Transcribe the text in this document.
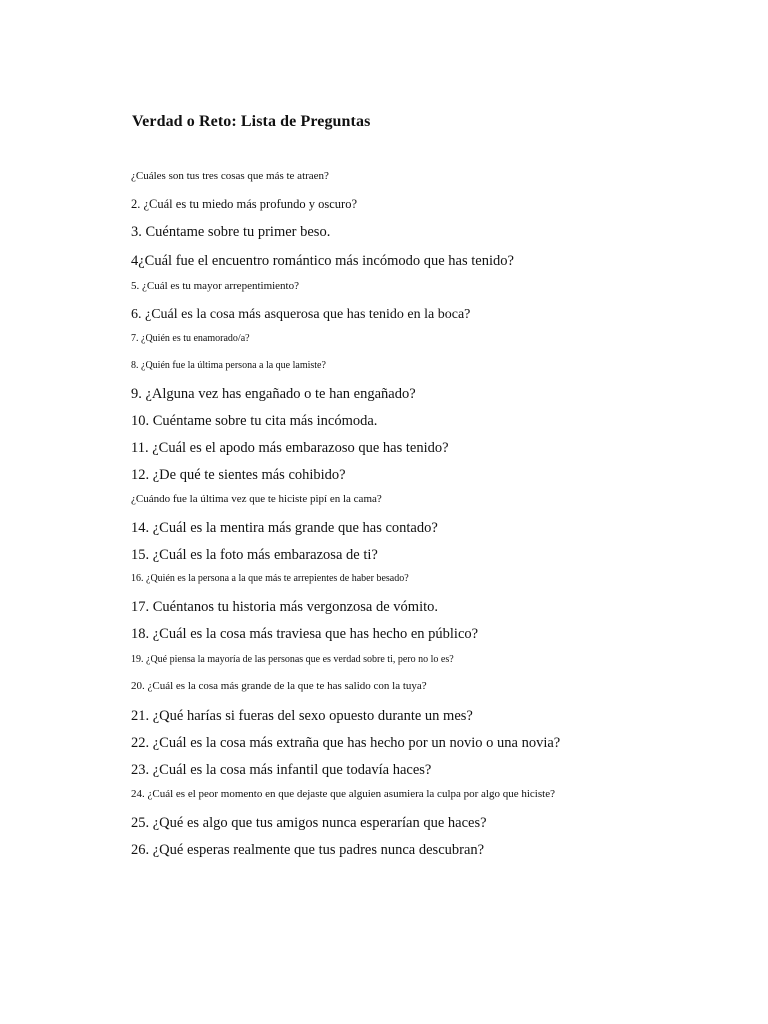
Verdad o Reto: Lista de Preguntas
¿Cuáles son tus tres cosas que más te atraen?
2. ¿Cuál es tu miedo más profundo y oscuro?
3. Cuéntame sobre tu primer beso.
4¿Cuál fue el encuentro romántico más incómodo que has tenido?
5. ¿Cuál es tu mayor arrepentimiento?
6. ¿Cuál es la cosa más asquerosa que has tenido en la boca?
7. ¿Quién es tu enamorado/a?
8. ¿Quién fue la última persona a la que lamiste?
9. ¿Alguna vez has engañado o te han engañado?
10. Cuéntame sobre tu cita más incómoda.
11. ¿Cuál es el apodo más embarazoso que has tenido?
12. ¿De qué te sientes más cohibido?
¿Cuándo fue la última vez que te hiciste pipí en la cama?
14. ¿Cuál es la mentira más grande que has contado?
15. ¿Cuál es la foto más embarazosa de ti?
16. ¿Quién es la persona a la que más te arrepientes de haber besado?
17. Cuéntanos tu historia más vergonzosa de vómito.
18. ¿Cuál es la cosa más traviesa que has hecho en público?
19. ¿Qué piensa la mayoría de las personas que es verdad sobre ti, pero no lo es?
20. ¿Cuál es la cosa más grande de la que te has salido con la tuya?
21. ¿Qué harías si fueras del sexo opuesto durante un mes?
22. ¿Cuál es la cosa más extraña que has hecho por un novio o una novia?
23. ¿Cuál es la cosa más infantil que todavía haces?
24. ¿Cuál es el peor momento en que dejaste que alguien asumiera la culpa por algo que hiciste?
25. ¿Qué es algo que tus amigos nunca esperarían que haces?
26. ¿Qué esperas realmente que tus padres nunca descubran?
